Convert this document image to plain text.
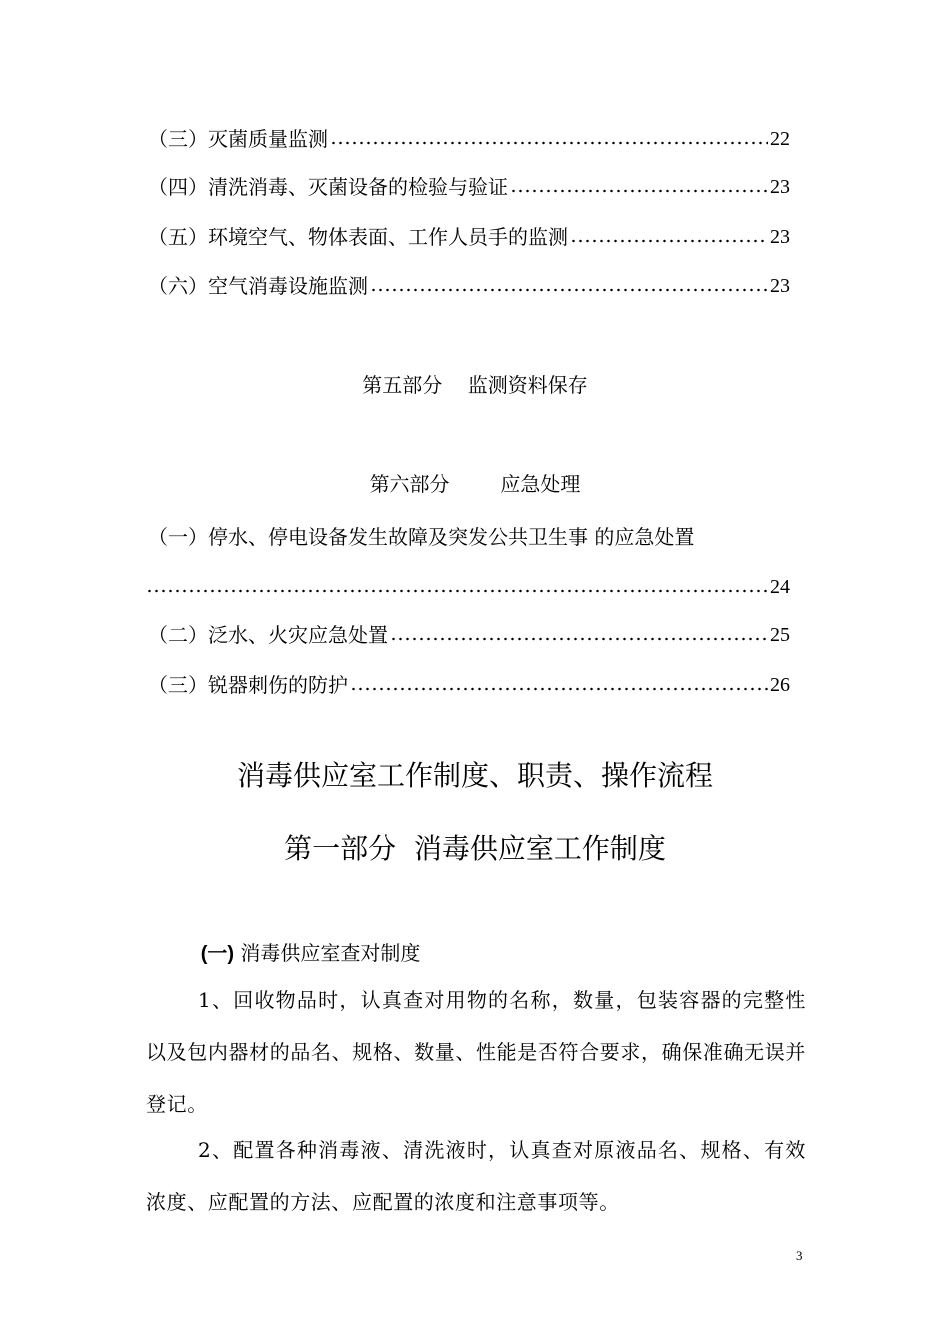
（三）灭菌质量监测	22
（四）清洗消毒、灭菌设备的检验与验证	23
（五）环境空气、物体表面、工作人员手的监测	23
（六）空气消毒设施监测	23
第五部分    监测资料保存
第六部分        应急处理
（一）停水、停电设备发生故障及突发公共卫生事 的应急处置
24
（二）泛水、火灾应急处置	25
（三）锐器刺伤的防护	26
消毒供应室工作制度、职责、操作流程
第一部分  消毒供应室工作制度

(一) 消毒供应室查对制度

1、回收物品时，认真查对用物的名称，数量，包装容器的完整性以及包内器材的品名、规格、数量、性能是否符合要求，确保准确无误并登记。

2、配置各种消毒液、清洗液时，认真查对原液品名、规格、有效浓度、应配置的方法、应配置的浓度和注意事项等。

3
